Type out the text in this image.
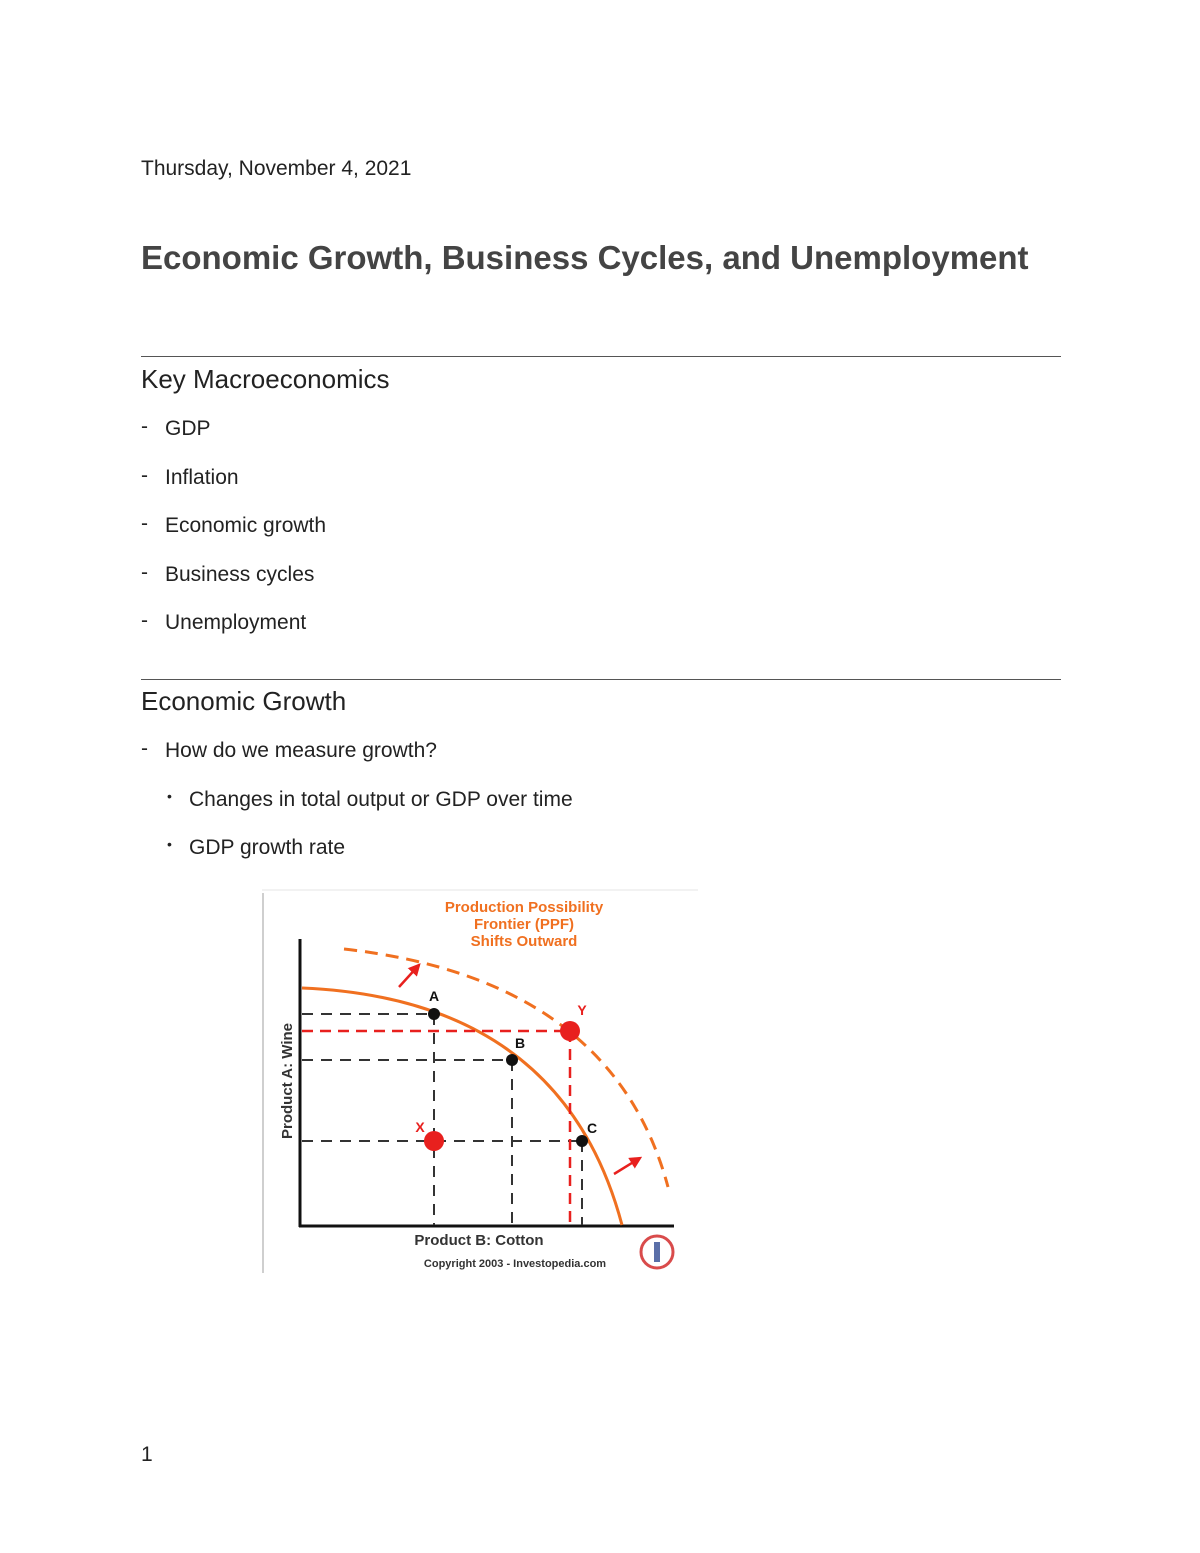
Thursday, November 4, 2021
Economic Growth, Business Cycles, and Unemployment
Key Macroeconomics
- GDP
- Inflation
- Economic growth
- Business cycles
- Unemployment
Economic Growth
- How do we measure growth?
• Changes in total output or GDP over time
• GDP growth rate
Production Possibility
Frontier (PPF)
Shifts Outward
Product A: Wine
Product B: Cotton
Copyright 2003 - Investopedia.com
A
B
C
X
Y
1
